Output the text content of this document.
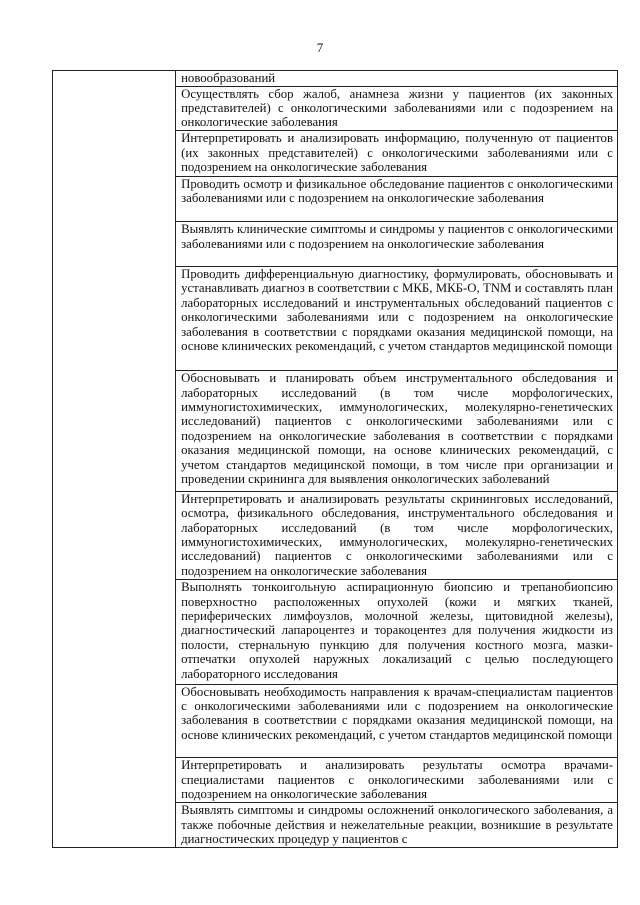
7
	новообразований
Осуществлять сбор жалоб, анамнеза жизни у пациентов (их законных представителей) с онкологическими заболеваниями или с подозрением на онкологические заболевания
Интерпретировать и анализировать информацию, полученную от пациентов (их законных представителей) с онкологическими заболеваниями или с подозрением на онкологические заболевания
Проводить осмотр и физикальное обследование пациентов с онкологическими заболеваниями или с подозрением на онкологические заболевания
Выявлять клинические симптомы и синдромы у пациентов с онкологическими заболеваниями или с подозрением на онкологические заболевания
Проводить дифференциальную диагностику, формулировать, обосновывать и устанавливать диагноз в соответствии с МКБ, МКБ-О, TNM и составлять план лабораторных исследований и инструментальных обследований пациентов с онкологическими заболеваниями или с подозрением на онкологические заболевания в соответствии с порядками оказания медицинской помощи, на основе клинических рекомендаций, с учетом стандартов медицинской помощи
Обосновывать и планировать объем инструментального обследования и лабораторных исследований (в том числе морфологических, иммуногистохимических, иммунологических, молекулярно-генетических исследований) пациентов с онкологическими заболеваниями или с подозрением на онкологические заболевания в соответствии с порядками оказания медицинской помощи, на основе клинических рекомендаций, с учетом стандартов медицинской помощи, в том числе при организации и проведении скрининга для выявления онкологических заболеваний
Интерпретировать и анализировать результаты скрининговых исследований, осмотра, физикального обследования, инструментального обследования и лабораторных исследований (в том числе морфологических, иммуногистохимических, иммунологических, молекулярно-генетических исследований) пациентов с онкологическими заболеваниями или с подозрением на онкологические заболевания
Выполнять тонкоигольную аспирационную биопсию и трепанобиопсию поверхностно расположенных опухолей (кожи и мягких тканей, периферических лимфоузлов, молочной железы, щитовидной железы), диагностический лапароцентез и торакоцентез для получения жидкости из полости, стернальную пункцию для получения костного мозга, мазки-отпечатки опухолей наружных локализаций с целью последующего лабораторного исследования
Обосновывать необходимость направления к врачам-специалистам пациентов с онкологическими заболеваниями или с подозрением на онкологические заболевания в соответствии с порядками оказания медицинской помощи, на основе клинических рекомендаций, с учетом стандартов медицинской помощи
Интерпретировать и анализировать результаты осмотра врачами-специалистами пациентов с онкологическими заболеваниями или с подозрением на онкологические заболевания
Выявлять симптомы и синдромы осложнений онкологического заболевания, а также побочные действия и нежелательные реакции, возникшие в результате диагностических процедур у пациентов с
